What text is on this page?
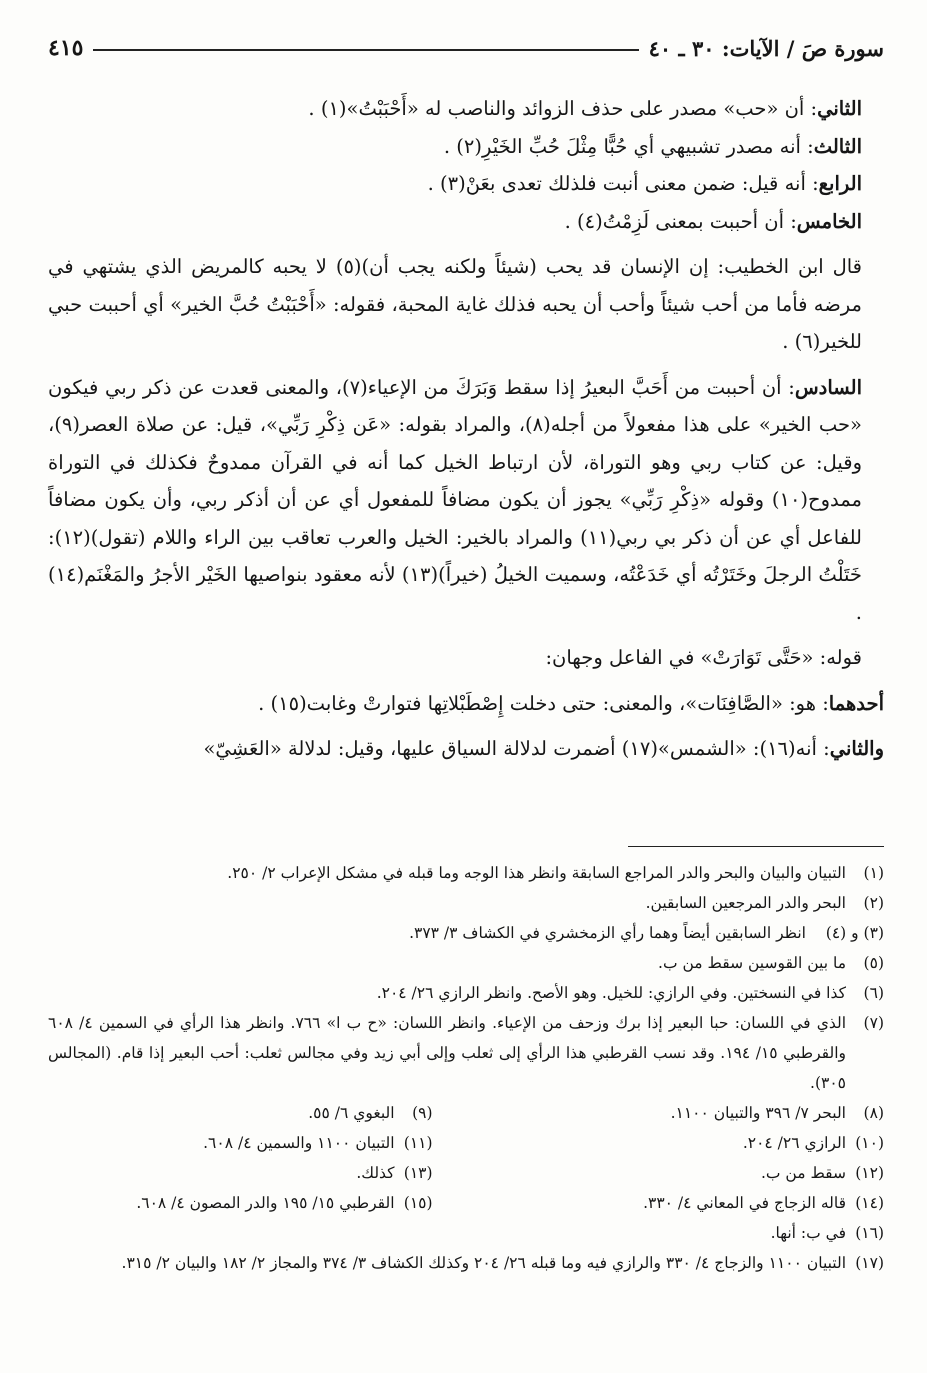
سورة صَ / الآيات: ٣٠ ـ ٤٠
٤١٥

الثاني: أن «حب» مصدر على حذف الزوائد والناصب له «أَحْبَبْتُ»(١) .

الثالث: أنه مصدر تشبيهي أي حُبًّا مِثْلَ حُبِّ الخَيْرِ(٢) .

الرابع: أنه قيل: ضمن معنى أنبت فلذلك تعدى بعَنْ(٣) .

الخامس: أن أحببت بمعنى لَزِمْتُ(٤) .

قال ابن الخطيب: إن الإنسان قد يحب (شيئاً ولكنه يجب أن)(٥) لا يحبه كالمريض الذي يشتهي في مرضه فأما من أحب شيئاً وأحب أن يحبه فذلك غاية المحبة، فقوله: «أَحْبَبْتُ حُبَّ الخير» أي أحببت حبي للخير(٦) .

السادس: أن أحببت من أَحَبَّ البعيرُ إذا سقط وَبَرَكَ من الإعياء(٧)، والمعنى قعدت عن ذكر ربي فيكون «حب الخير» على هذا مفعولاً من أجله(٨)، والمراد بقوله: «عَن ذِكْرِ رَبِّي»، قيل: عن صلاة العصر(٩)، وقيل: عن كتاب ربي وهو التوراة، لأن ارتباط الخيل كما أنه في القرآن ممدوحٌ فكذلك في التوراة ممدوح(١٠) وقوله «ذِكْرِ رَبِّي» يجوز أن يكون مضافاً للمفعول أي عن أن أذكر ربي، وأن يكون مضافاً للفاعل أي عن أن ذكر بي ربي(١١) والمراد بالخير: الخيل والعرب تعاقب بين الراء واللام (تقول)(١٢): خَتَلْتُ الرجلَ وخَتَرْتُه أي خَدَعْتُه، وسميت الخيلُ (خيراً)(١٣) لأنه معقود بنواصيها الخَيْر الأجرُ والمَغْنَم(١٤) .

قوله: «حَتَّى تَوَارَتْ» في الفاعل وجهان:

أحدهما: هو: «الصَّافِنَات»، والمعنى: حتى دخلت إِصْطَبْلاتِها فتوارتْ وغابت(١٥) .

والثاني: أنه(١٦): «الشمس»(١٧) أضمرت لدلالة السياق عليها، وقيل: لدلالة «العَشِيّ»

(١)
التبيان والبيان والبحر والدر المراجع السابقة وانظر هذا الوجه وما قبله في مشكل الإعراب ٢/ ٢٥٠.
(٢)
البحر والدر المرجعين السابقين.
(٣) و (٤)
انظر السابقين أيضاً وهما رأي الزمخشري في الكشاف ٣/ ٣٧٣.
(٥)
ما بين القوسين سقط من ب.
(٦)
كذا في النسختين. وفي الرازي: للخيل. وهو الأصح. وانظر الرازي ٢٦/ ٢٠٤.
(٧)
الذي في اللسان: حبا البعير إذا برك وزحف من الإعياء. وانظر اللسان: «ح ب ا» ٧٦٦. وانظر هذا الرأي في السمين ٤/ ٦٠٨ والقرطبي ١٥/ ١٩٤. وقد نسب القرطبي هذا الرأي إلى ثعلب وإلى أبي زيد وفي مجالس ثعلب: أحب البعير إذا قام. (المجالس ٣٠٥).
(٨)
البحر ٧/ ٣٩٦ والتبيان ١١٠٠.
(٩)
البغوي ٦/ ٥٥.
(١٠)
الرازي ٢٦/ ٢٠٤.
(١١)
التبيان ١١٠٠ والسمين ٤/ ٦٠٨.
(١٢)
سقط من ب.
(١٣)
كذلك.
(١٤)
قاله الزجاج في المعاني ٤/ ٣٣٠.
(١٥)
القرطبي ١٥/ ١٩٥ والدر المصون ٤/ ٦٠٨.
(١٦)
في ب: أنها.
(١٧)
التبيان ١١٠٠ والزجاج ٤/ ٣٣٠ والرازي فيه وما قبله ٢٦/ ٢٠٤ وكذلك الكشاف ٣/ ٣٧٤ والمجاز ٢/ ١٨٢ والبيان ٢/ ٣١٥.
